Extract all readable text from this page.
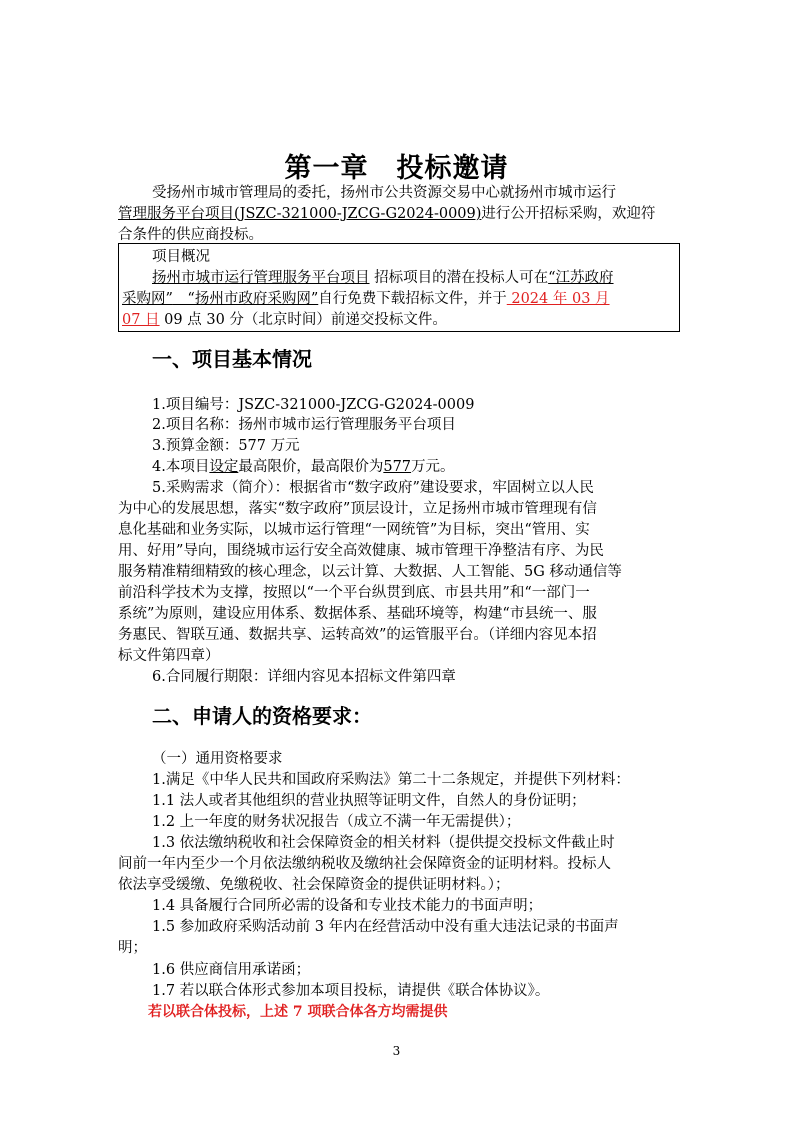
第一章　投标邀请
受扬州市城市管理局的委托，扬州市公共资源交易中心就扬州市城市运行
管理服务平台项目(JSZC-321000-JZCG-G2024-0009)进行公开招标采购，欢迎符
合条件的供应商投标。
项目概况
扬州市城市运行管理服务平台项目 招标项目的潜在投标人可在“江苏政府
采购网”　“扬州市政府采购网”自行免费下载招标文件，并于 2024 年 03 月
07 日 09 点 30 分（北京时间）前递交投标文件。
一、项目基本情况
1.项目编号：JSZC-321000-JZCG-G2024-0009
2.项目名称：扬州市城市运行管理服务平台项目
3.预算金额：577 万元
4.本项目设定最高限价，最高限价为577万元。
5.采购需求（简介）：根据省市“数字政府”建设要求，牢固树立以人民
为中心的发展思想，落实“数字政府”顶层设计，立足扬州市城市管理现有信
息化基础和业务实际，以城市运行管理“一网统管”为目标，突出“管用、实
用、好用”导向，围绕城市运行安全高效健康、城市管理干净整洁有序、为民
服务精准精细精致的核心理念，以云计算、大数据、人工智能、5G 移动通信等
前沿科学技术为支撑，按照以“一个平台纵贯到底、市县共用”和“一部门一
系统”为原则，建设应用体系、数据体系、基础环境等，构建“市县统一、服
务惠民、智联互通、数据共享、运转高效”的运管服平台。（详细内容见本招
标文件第四章）
6.合同履行期限：详细内容见本招标文件第四章
二、申请人的资格要求：
（一）通用资格要求
1.满足《中华人民共和国政府采购法》第二十二条规定，并提供下列材料：
1.1 法人或者其他组织的营业执照等证明文件，自然人的身份证明；
1.2 上一年度的财务状况报告（成立不满一年无需提供）；
1.3 依法缴纳税收和社会保障资金的相关材料（提供提交投标文件截止时
间前一年内至少一个月依法缴纳税收及缴纳社会保障资金的证明材料。投标人
依法享受缓缴、免缴税收、社会保障资金的提供证明材料。）；
1.4 具备履行合同所必需的设备和专业技术能力的书面声明；
1.5 参加政府采购活动前 3 年内在经营活动中没有重大违法记录的书面声
明；
1.6 供应商信用承诺函；
1.7 若以联合体形式参加本项目投标，请提供《联合体协议》。
若以联合体投标，上述 7 项联合体各方均需提供
3
